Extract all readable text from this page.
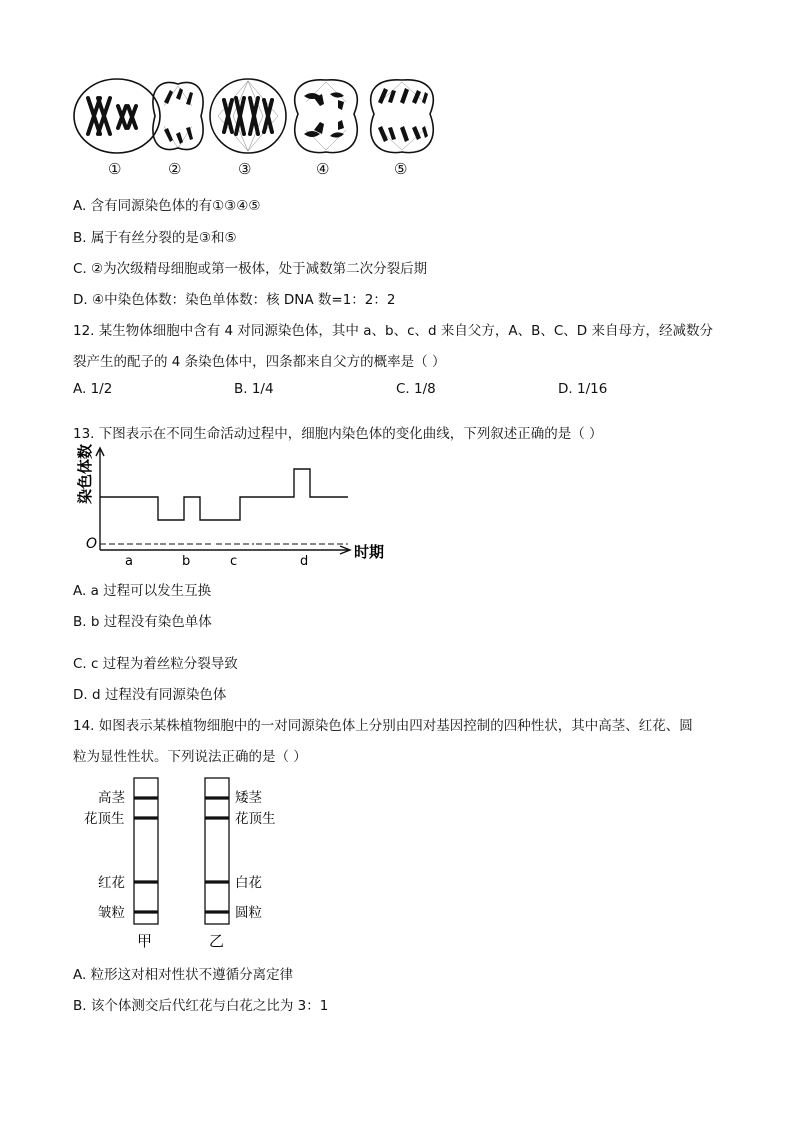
①	②	③	④	⑤
A. 含有同源染色体的有①③④⑤
B. 属于有丝分裂的是③和⑤
C. ②为次级精母细胞或第一极体，处于减数第二次分裂后期
D. ④中染色体数：染色单体数：核 DNA 数=1：2：2
12. 某生物体细胞中含有 4 对同源染色体，其中 a、b、c、d 来自父方，A、B、C、D 来自母方，经减数分
裂产生的配子的 4 条染色体中，四条都来自父方的概率是（ ）
A. 1/2	B. 1/4	C. 1/8	D. 1/16
13. 下图表示在不同生命活动过程中，细胞内染色体的变化曲线，下列叙述正确的是（ ）
染色体数
O
a	b	c	d
时期
A. a 过程可以发生互换
B. b 过程没有染色单体
C. c 过程为着丝粒分裂导致
D. d 过程没有同源染色体
14. 如图表示某株植物细胞中的一对同源染色体上分别由四对基因控制的四种性状，其中高茎、红花、圆
粒为显性性状。下列说法正确的是（ ）
高茎
花顶生
红花
皱粒
矮茎
花顶生
白花
圆粒
甲	乙
A. 粒形这对相对性状不遵循分离定律
B. 该个体测交后代红花与白花之比为 3：1
